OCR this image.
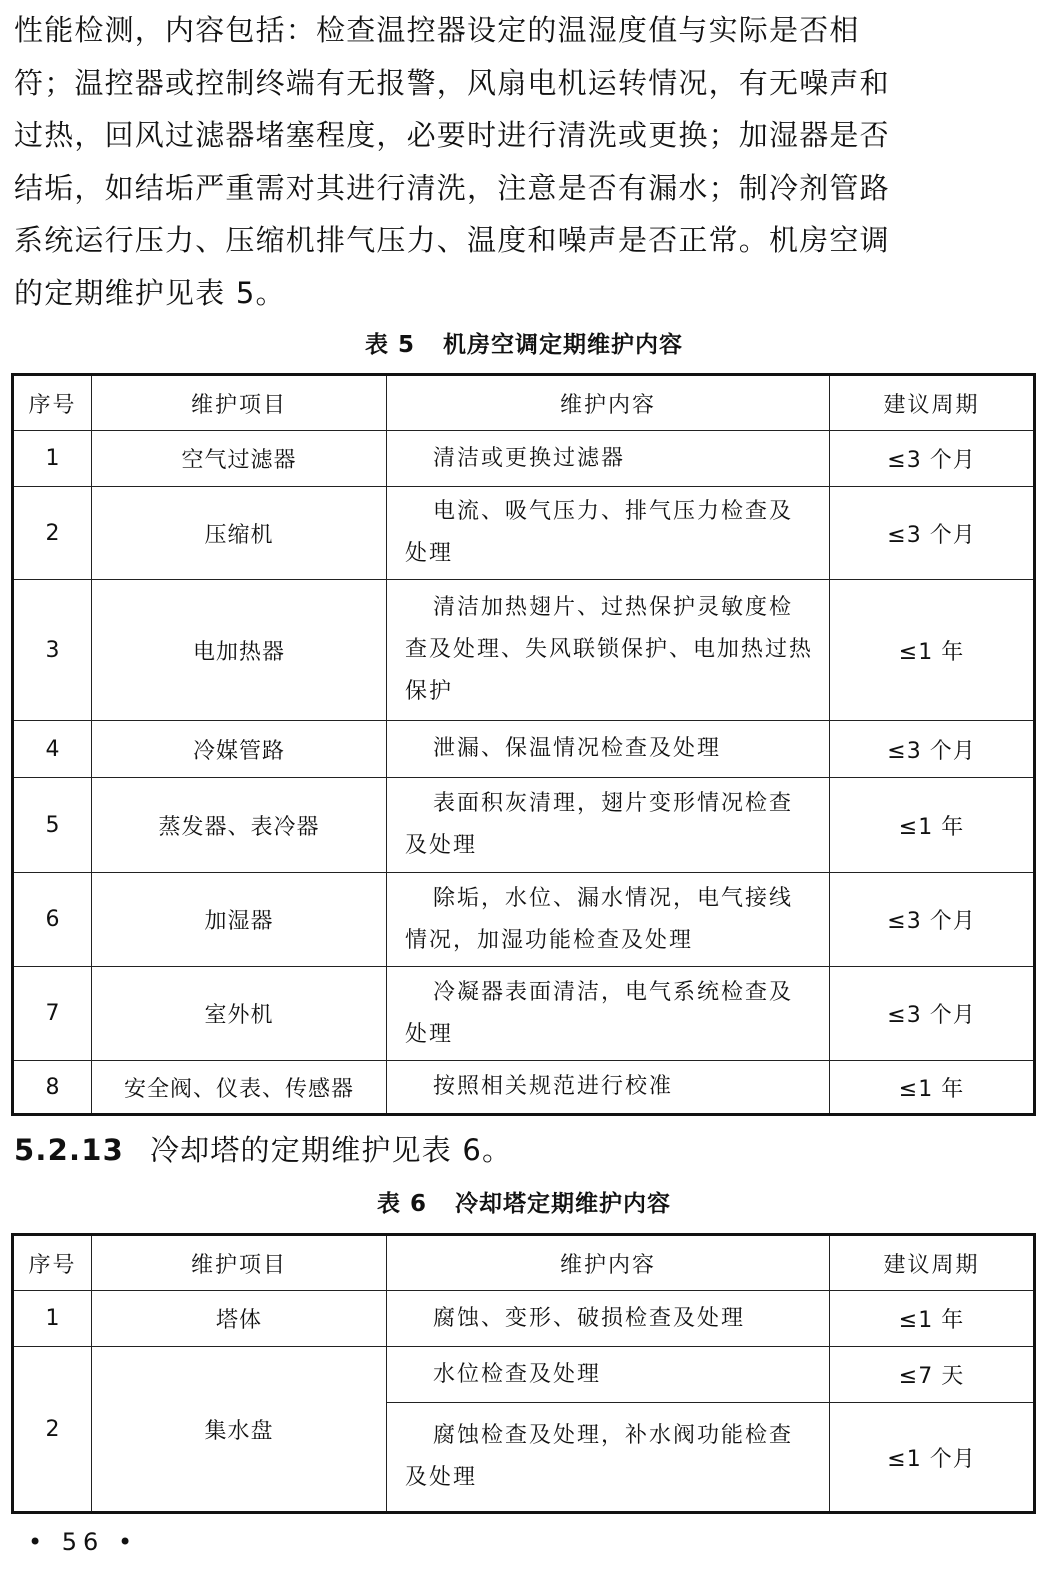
性能检测，内容包括：检查温控器设定的温湿度值与实际是否相
符；温控器或控制终端有无报警，风扇电机运转情况，有无噪声和
过热，回风过滤器堵塞程度，必要时进行清洗或更换；加湿器是否
结垢，如结垢严重需对其进行清洗，注意是否有漏水；制冷剂管路
系统运行压力、压缩机排气压力、温度和噪声是否正常。机房空调
的定期维护见表 5。
表 5 机房空调定期维护内容
序号	维护项目	维护内容	建议周期
1	空气过滤器	清洁或更换过滤器	≤3 个月
2	压缩机	电流、吸气压力、排气压力检查及处理	≤3 个月
3	电加热器	清洁加热翅片、过热保护灵敏度检查及处理、失风联锁保护、电加热过热保护	≤1 年
4	冷媒管路	泄漏、保温情况检查及处理	≤3 个月
5	蒸发器、表冷器	表面积灰清理，翅片变形情况检查及处理	≤1 年
6	加湿器	除垢，水位、漏水情况，电气接线情况，加湿功能检查及处理	≤3 个月
7	室外机	冷凝器表面清洁，电气系统检查及处理	≤3 个月
8	安全阀、仪表、传感器	按照相关规范进行校准	≤1 年
5.2.13 冷却塔的定期维护见表 6。
表 6 冷却塔定期维护内容
序号	维护项目	维护内容	建议周期
1	塔体	腐蚀、变形、破损检查及处理	≤1 年
2	集水盘	水位检查及处理	≤7 天

		腐蚀检查及处理，补水阀功能检查及处理	≤1 个月
• 56 •
